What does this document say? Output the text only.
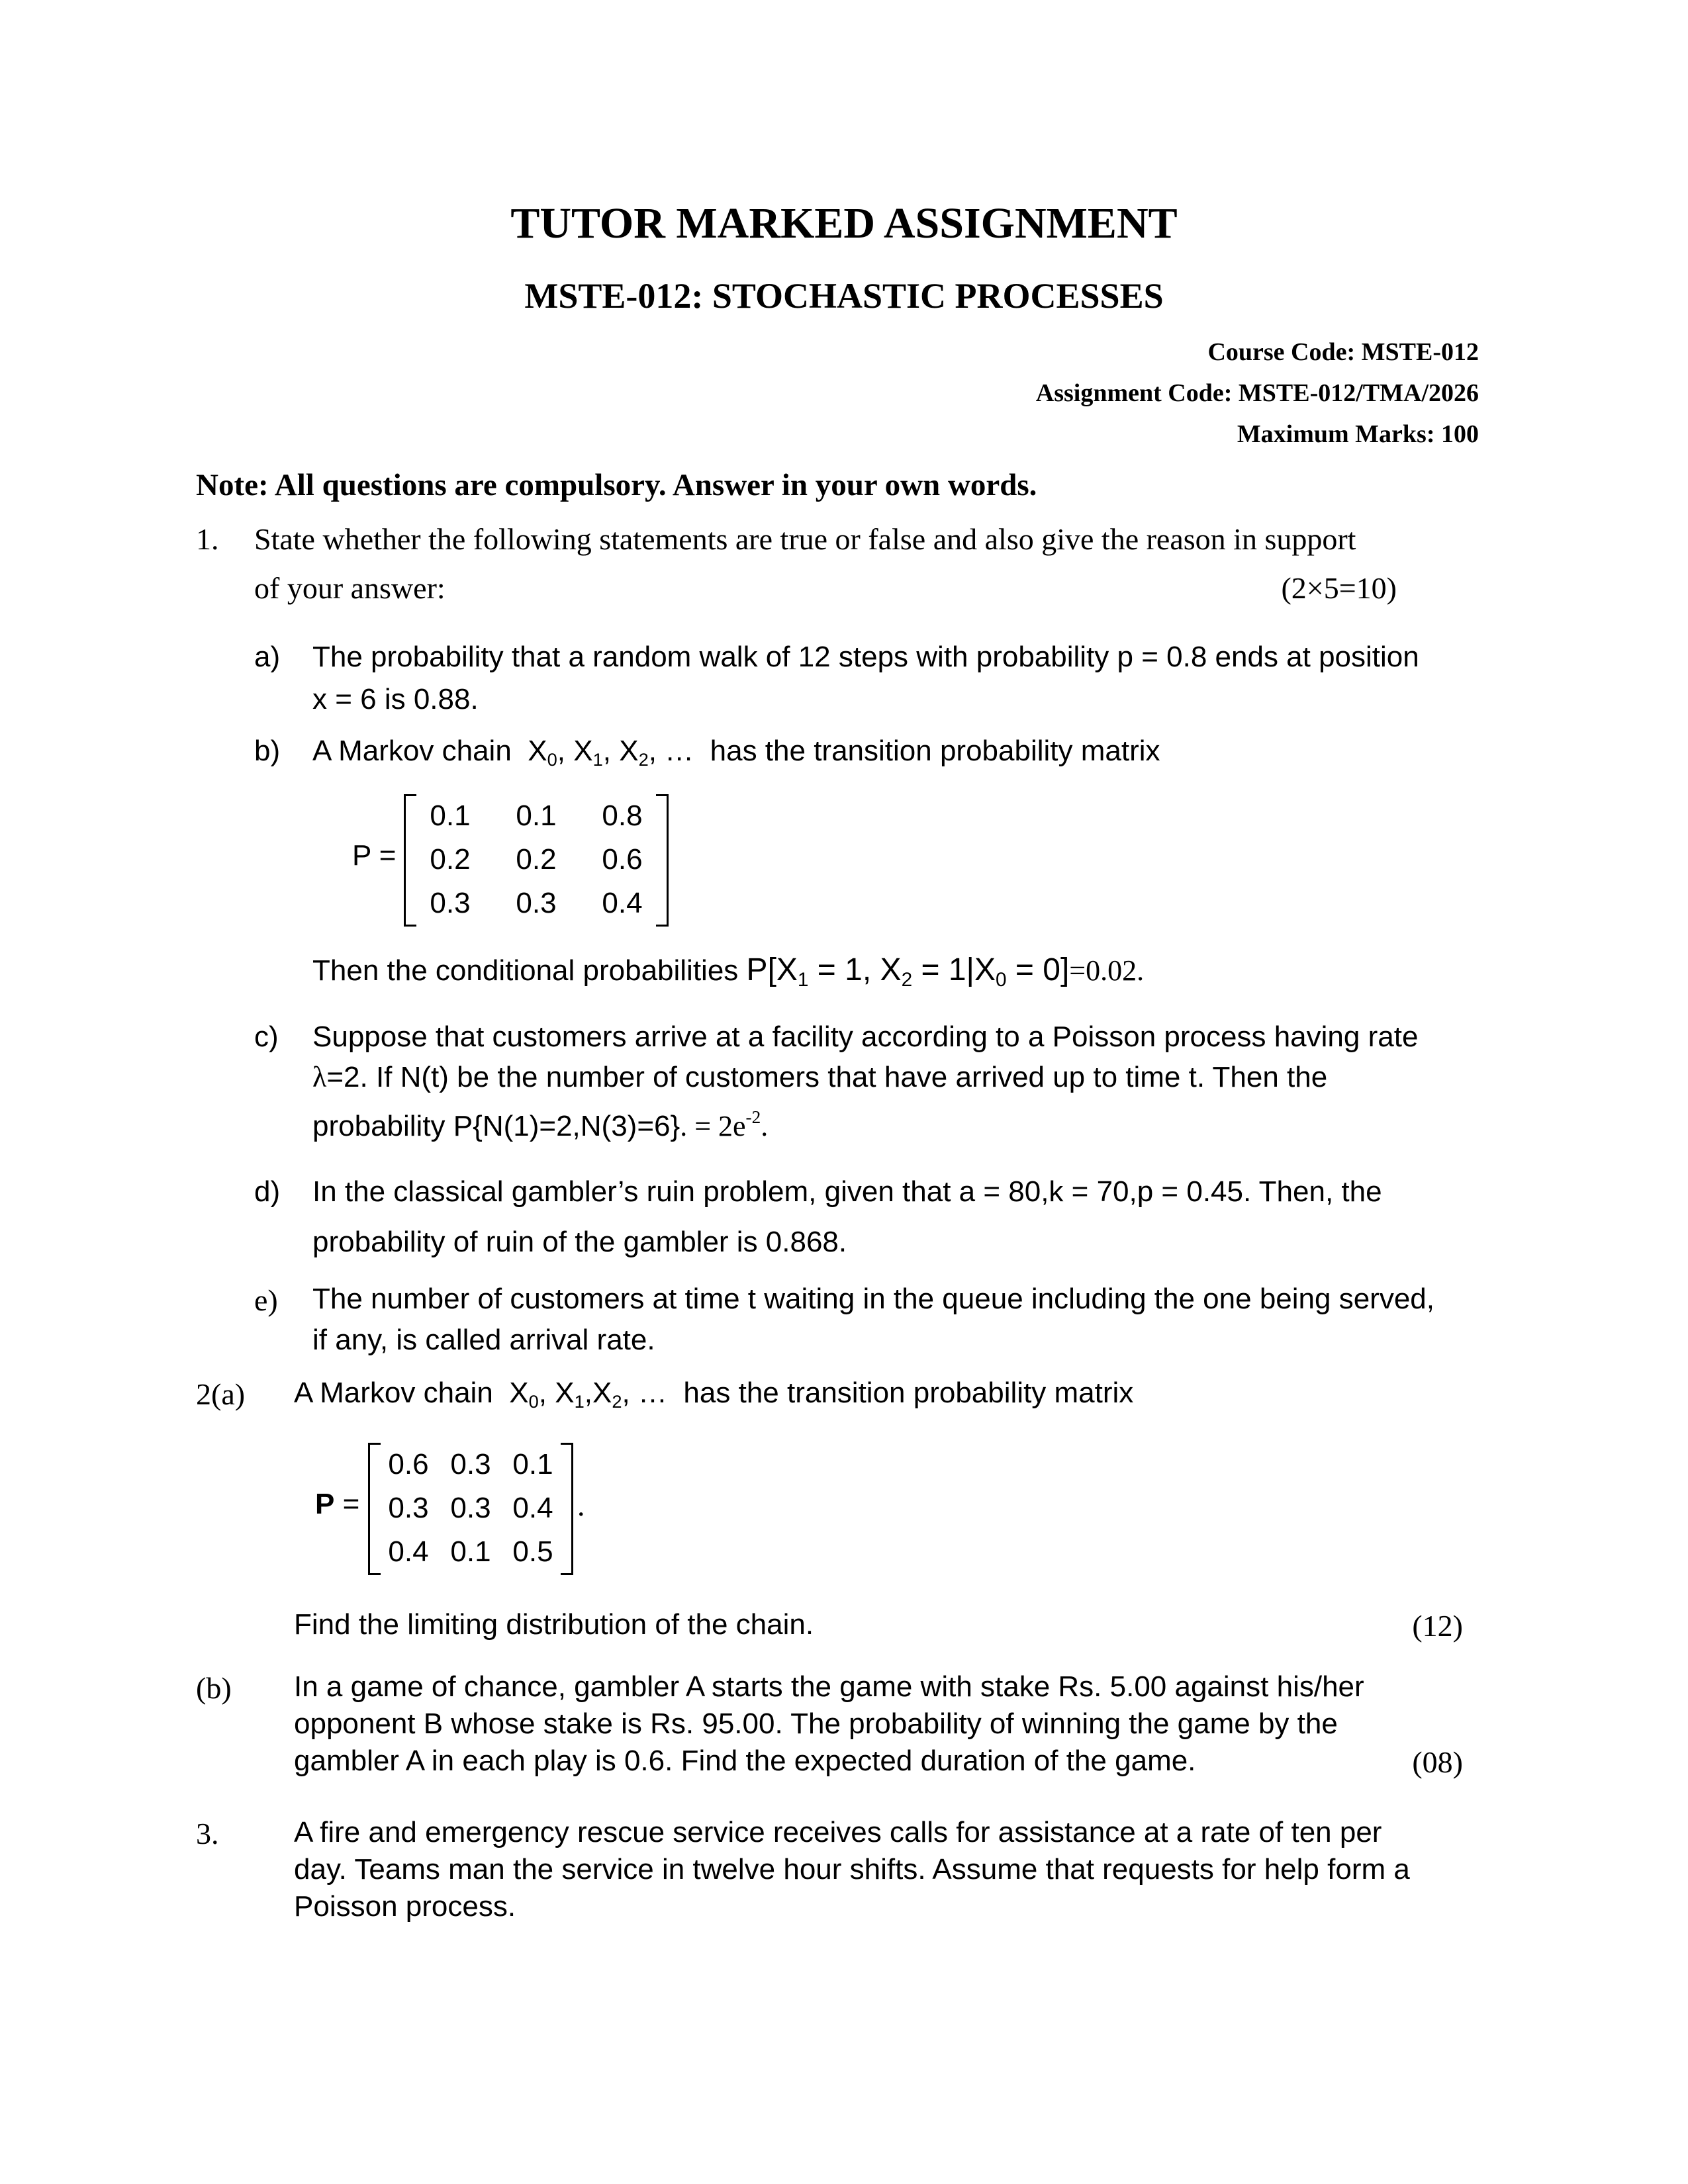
TUTOR MARKED ASSIGNMENT
MSTE-012: STOCHASTIC PROCESSES
Course Code: MSTE-012
Assignment Code: MSTE-012/TMA/2026
Maximum Marks: 100
Note: All questions are compulsory. Answer in your own words.
1. State whether the following statements are true or false and also give the reason in support
of your answer:	(2×5=10)
a) The probability that a random walk of 12 steps with probability p = 0.8 ends at position
x = 6 is 0.88.
b) A Markov chain $X_0$, $X_1$, $X_2$, … has the transition probability matrix
P =
0.1	0.1	0.8
0.2	0.2	0.6
0.3	0.3	0.4
Then the conditional probabilities $P[X_1 = 1$, $X_2 = 1|X_0 = 0]=0.02$.
c) Suppose that customers arrive at a facility according to a Poisson process having rate
λ=2. If N(t) be the number of customers that have arrived up to time t. Then the
probability P{N(1)=2,N(3)=6}. = $2e^{-2}$.
d) In the classical gambler’s ruin problem, given that a = 80,k = 70,p = 0.45. Then, the
probability of ruin of the gambler is 0.868.
e) The number of customers at time t waiting in the queue including the one being served,
if any, is called arrival rate.
2(a) A Markov chain $X_0$, $X_1,X_2$, … has the transition probability matrix
P =
0.6 0.3 0.1
0.3 0.3 0.4
0.4 0.1 0.5
.
Find the limiting distribution of the chain.	(12)
(b) In a game of chance, gambler A starts the game with stake Rs. 5.00 against his/her
opponent B whose stake is Rs. 95.00. The probability of winning the game by the
gambler A in each play is 0.6. Find the expected duration of the game.	(08)
3.	A fire and emergency rescue service receives calls for assistance at a rate of ten per
day. Teams man the service in twelve hour shifts. Assume that requests for help form a
Poisson process.
